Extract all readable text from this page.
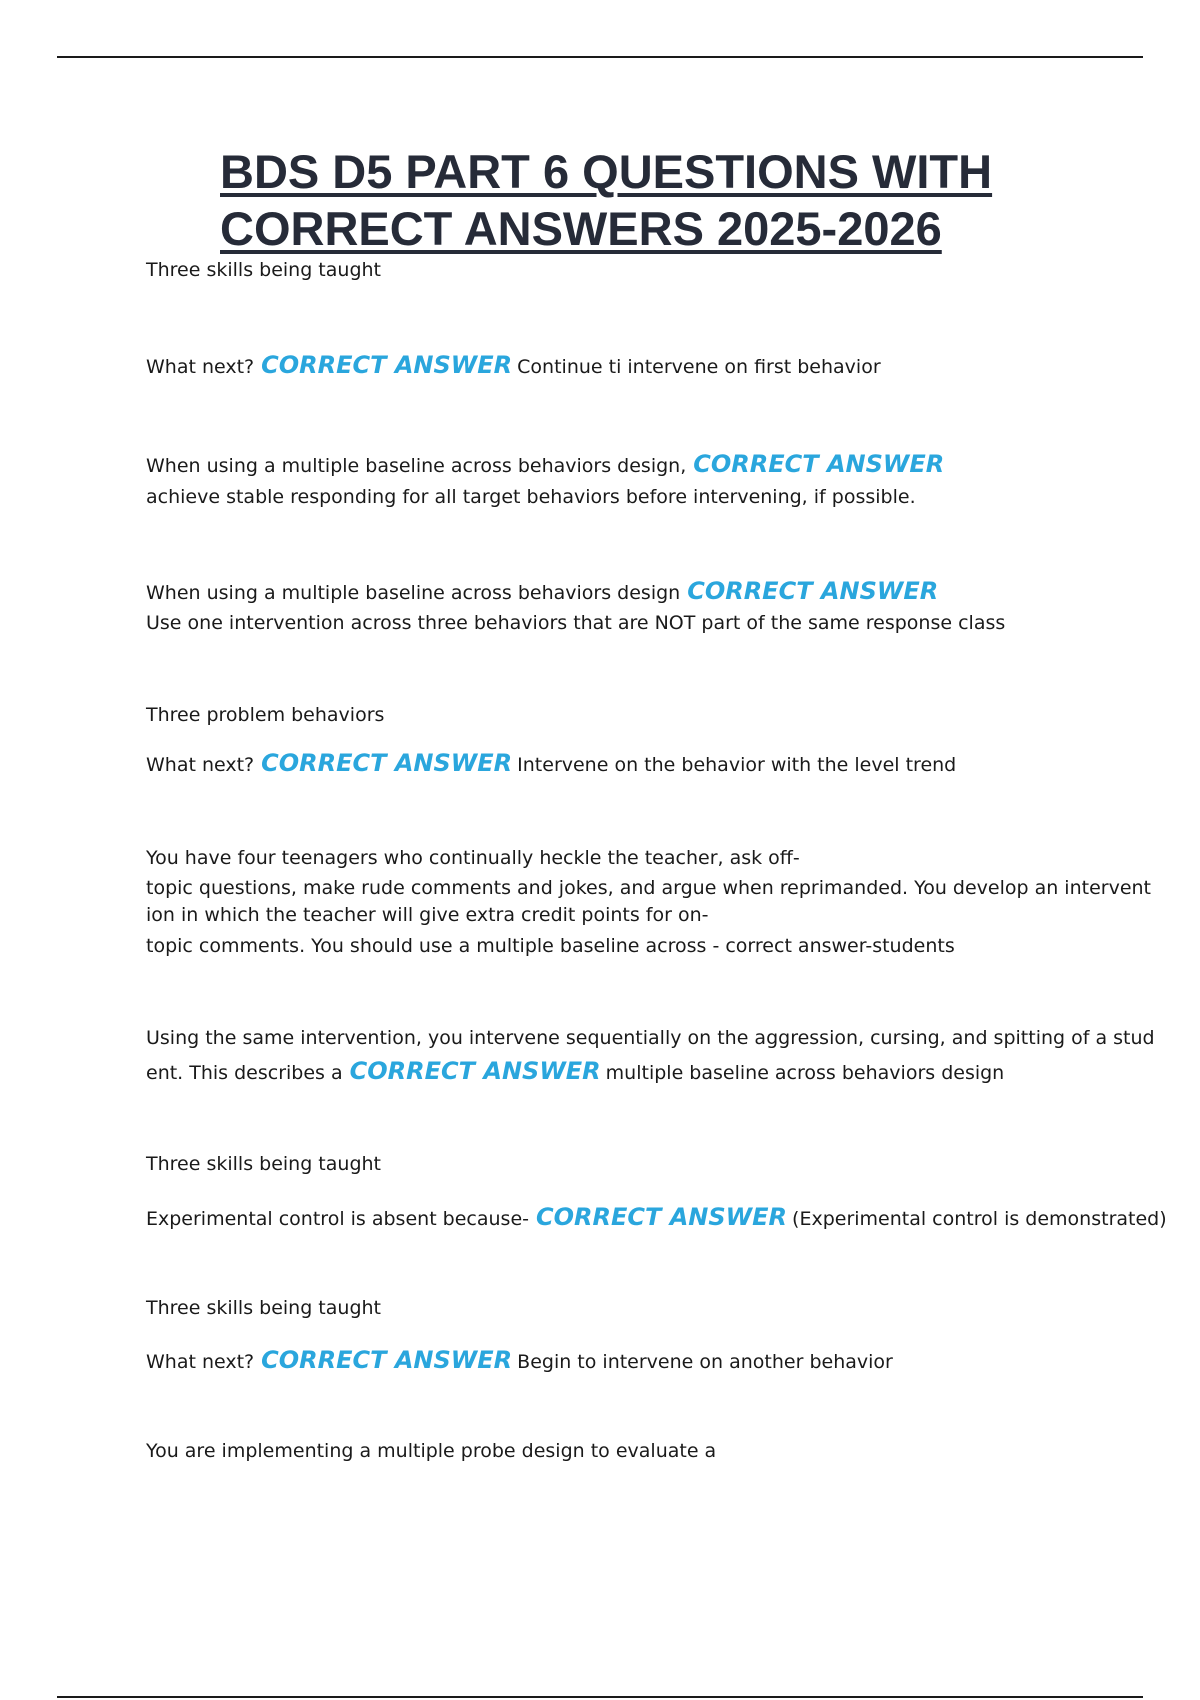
BDS D5 PART 6 QUESTIONS WITH
CORRECT ANSWERS 2025-2026
Three skills being taught
What next? CORRECT ANSWER Continue ti intervene on first behavior
When using a multiple baseline across behaviors design, CORRECT ANSWER
achieve stable responding for all target behaviors before intervening, if possible.
When using a multiple baseline across behaviors design CORRECT ANSWER
Use one intervention across three behaviors that are NOT part of the same response class
Three problem behaviors
What next? CORRECT ANSWER Intervene on the behavior with the level trend
You have four teenagers who continually heckle the teacher, ask off-
topic questions, make rude comments and jokes, and argue when reprimanded. You develop an intervent
ion in which the teacher will give extra credit points for on-
topic comments. You should use a multiple baseline across - correct answer-students
Using the same intervention, you intervene sequentially on the aggression, cursing, and spitting of a stud
ent. This describes a CORRECT ANSWER multiple baseline across behaviors design
Three skills being taught
Experimental control is absent because- CORRECT ANSWER (Experimental control is demonstrated)
Three skills being taught
What next? CORRECT ANSWER Begin to intervene on another behavior
You are implementing a multiple probe design to evaluate a
